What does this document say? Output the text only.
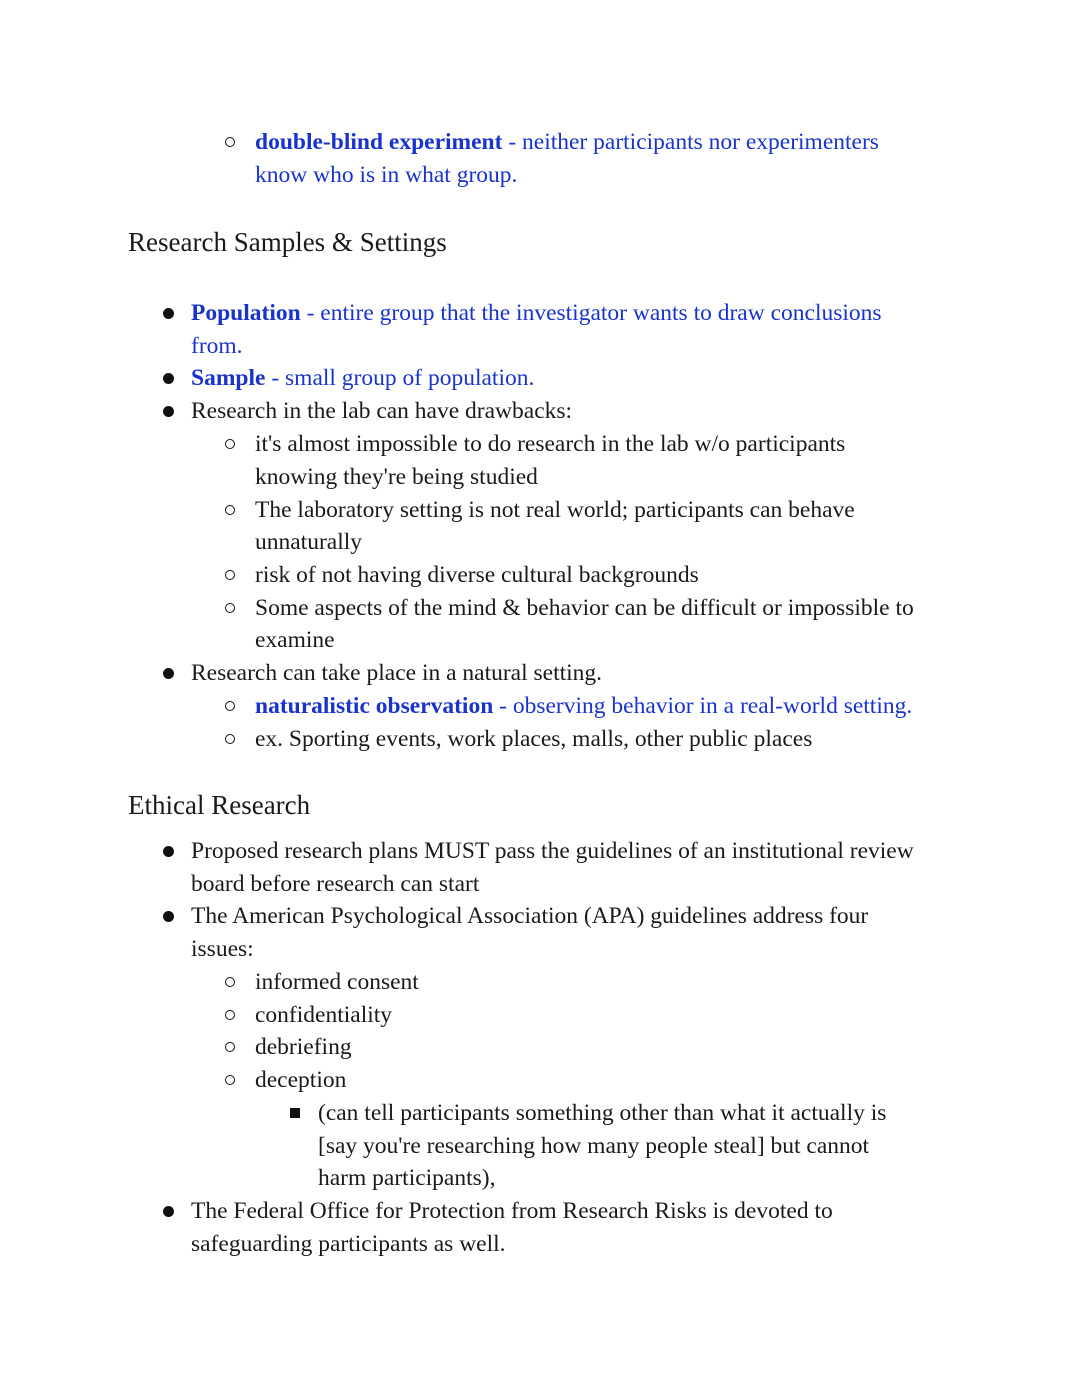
double-blind experiment - neither participants nor experimenters
know who is in what group.
Research Samples & Settings
Population - entire group that the investigator wants to draw conclusions
from.
Sample - small group of population.
Research in the lab can have drawbacks:
it's almost impossible to do research in the lab w/o participants
knowing they're being studied
The laboratory setting is not real world; participants can behave
unnaturally
risk of not having diverse cultural backgrounds
Some aspects of the mind & behavior can be difficult or impossible to
examine
Research can take place in a natural setting.
naturalistic observation - observing behavior in a real-world setting.
ex. Sporting events, work places, malls, other public places
Ethical Research
Proposed research plans MUST pass the guidelines of an institutional review
board before research can start
The American Psychological Association (APA) guidelines address four
issues:
informed consent
confidentiality
debriefing
deception
(can tell participants something other than what it actually is
[say you're researching how many people steal] but cannot
harm participants),
The Federal Office for Protection from Research Risks is devoted to
safeguarding participants as well.
